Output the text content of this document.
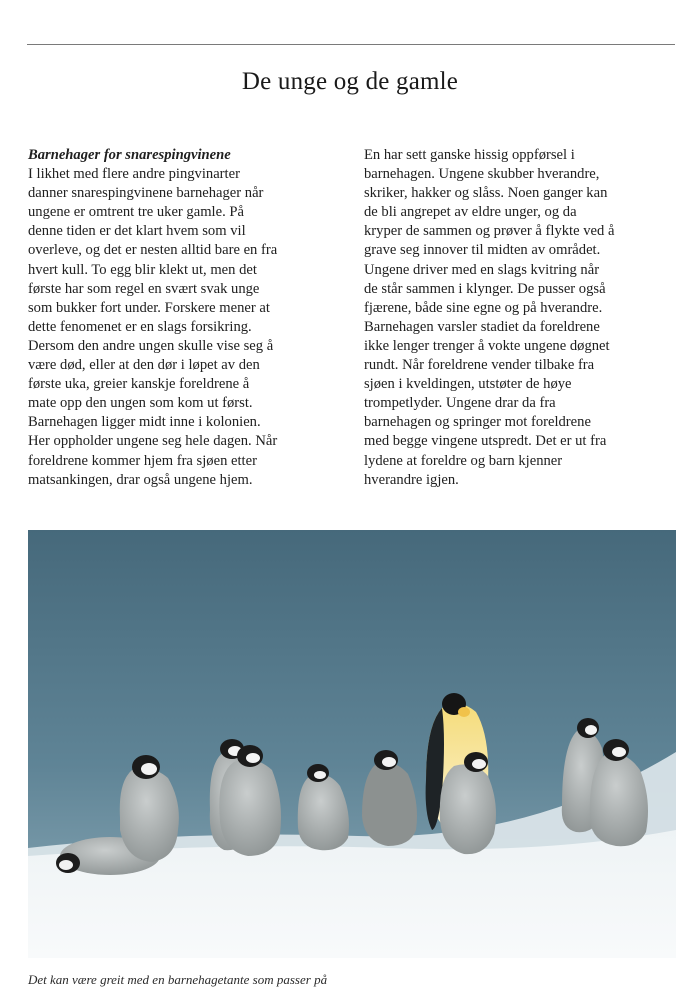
De unge og de gamle
Barnehager for snarespingvinene
I likhet med flere andre pingvinarter
danner snarespingvinene barnehager når
ungene er omtrent tre uker gamle. På
denne tiden er det klart hvem som vil
overleve, og det er nesten alltid bare en fra
hvert kull. To egg blir klekt ut, men det
første har som regel en svært svak unge
som bukker fort under. Forskere mener at
dette fenomenet er en slags forsikring.
Dersom den andre ungen skulle vise seg å
være død, eller at den dør i løpet av den
første uka, greier kanskje foreldrene å
mate opp den ungen som kom ut først.
Barnehagen ligger midt inne i kolonien.
Her oppholder ungene seg hele dagen. Når
foreldrene kommer hjem fra sjøen etter
matsankingen, drar også ungene hjem.
En har sett ganske hissig oppførsel i
barnehagen. Ungene skubber hverandre,
skriker, hakker og slåss. Noen ganger kan
de bli angrepet av eldre unger, og da
kryper de sammen og prøver å flykte ved å
grave seg innover til midten av området.
Ungene driver med en slags kvitring når
de står sammen i klynger. De pusser også
fjærene, både sine egne og på hverandre.
Barnehagen varsler stadiet da foreldrene
ikke lenger trenger å vokte ungene døgnet
rundt. Når foreldrene vender tilbake fra
sjøen i kveldingen, utstøter de høye
trompetlyder. Ungene drar da fra
barnehagen og springer mot foreldrene
med begge vingene utspredt. Det er ut fra
lydene at foreldre og barn kjenner
hverandre igjen.
Det kan være greit med en barnehagetante som passer på
